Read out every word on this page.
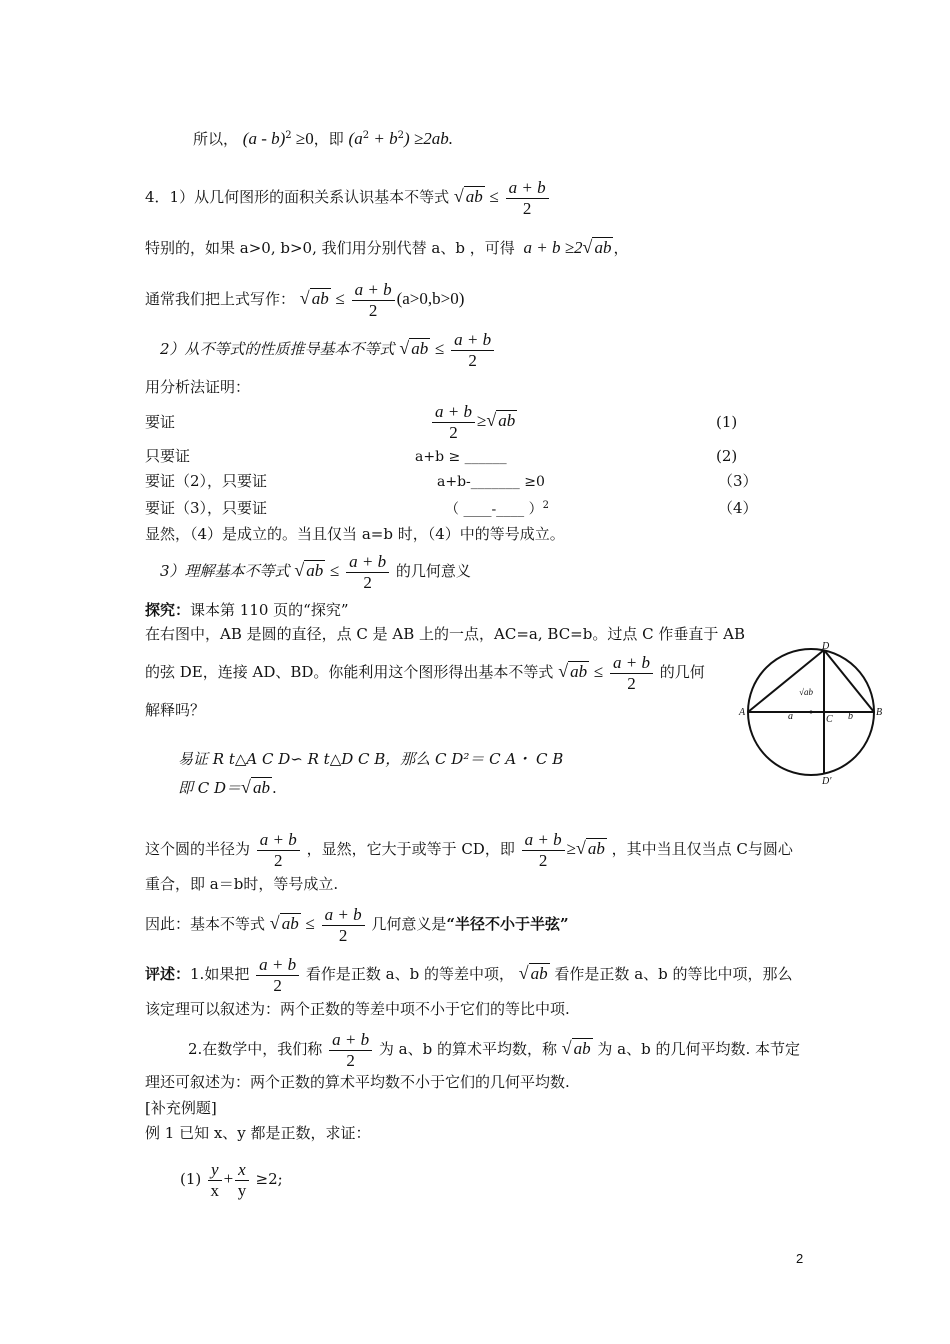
所以， (a - b)$^2$ ≥0，即 $(a^2 + b^2) \ge 2ab$.
4．1）从几何图形的面积关系认识基本不等式 √ ab ≤ $\frac{a + b}{2}$
特别的，如果 a>0, b>0, 我们用分别代替 a、b ，可得 a + b ≥2√ ab ，
通常我们把上式写作： √ ab ≤ $\frac{a + b}{2} (a>0,b>0)$
2）从不等式的性质推导基本不等式 √ ab ≤ $\frac{a + b}{2}$
用分析法证明：
要证	$\frac{a + b}{2}$ ≥√ ab	(1)
只要证	a+b ≥ ______	(2)
要证（2），只要证	a+b-_______ ≥0	（3）
要证（3），只要证	（ ____-____ ）$^2$	（4）
显然，（4）是成立的。当且仅当 a=b 时，（4）中的等号成立。
3）理解基本不等式 √ ab ≤ $\frac{a + b}{2}$ 的几何意义
探究：课本第 110 页的“探究”
在右图中，AB 是圆的直径，点 C 是 AB 上的一点，AC=a, BC=b。过点 C 作垂直于 AB
的弦 DE，连接 AD、BD。你能利用这个图形得出基本不等式 √ ab ≤ $\frac{a + b}{2}$ 的几何
解释吗？	A	B
C
D
D′
a	b
√ab
易证 R t△A C D∽ R t△D C B，那么 C D²＝ C A・ C B
即 C D＝√ ab .
这个圆的半径为 $\frac{a + b}{2}$ ，显然，它大于或等于 CD，即 $\frac{a + b}{2}$ ≥√ ab ，其中当且仅当点 C与圆心
重合，即 a＝b时，等号成立.
因此：基本不等式 √ ab ≤ $\frac{a + b}{2}$ 几何意义是“半径不小于半弦”
评述：1.如果把 $\frac{a + b}{2}$ 看作是正数 a、b 的等差中项， √ ab 看作是正数 a、b 的等比中项，那么
该定理可以叙述为：两个正数的等差中项不小于它们的等比中项.
2.在数学中，我们称 $\frac{a + b}{2}$ 为 a、b 的算术平均数，称 √ ab 为 a、b 的几何平均数. 本节定
理还可叙述为：两个正数的算术平均数不小于它们的几何平均数.
[补充例题]
例 1 已知 x、y 都是正数，求证：
$(1) \frac{y}{x} + \frac{x}{y} \ge 2$;
2
